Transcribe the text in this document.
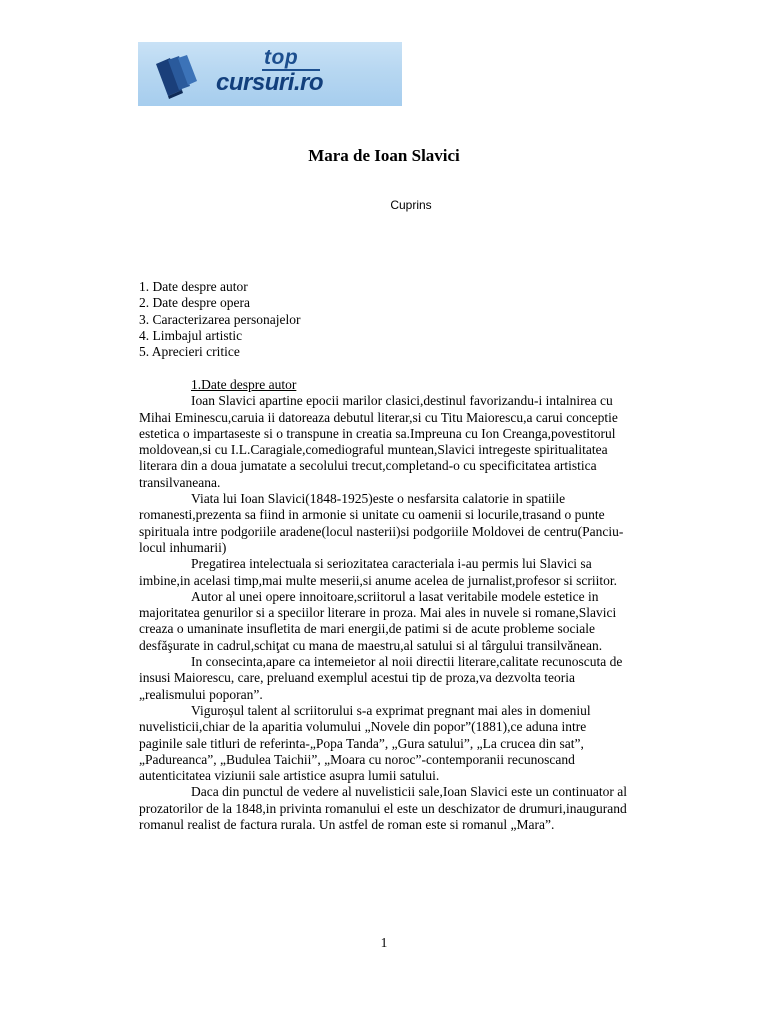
top
cursuri.ro
Mara de Ioan Slavici
Cuprins
1. Date despre autor
2. Date despre opera
3. Caracterizarea personajelor
4. Limbajul artistic
5. Aprecieri critice

1.Date despre autor

Ioan Slavici apartine epocii marilor clasici,destinul favorizandu-i intalnirea cu Mihai Eminescu,caruia ii datoreaza debutul literar,si cu Titu Maiorescu,a carui conceptie estetica o impartaseste si o transpune in creatia sa.Impreuna cu Ion Creanga,povestitorul moldovean,si cu I.L.Caragiale,comediograful muntean,Slavici intregeste spiritualitatea literara din a doua jumatate a secolului trecut,completand-o cu specificitatea artistica transilvaneana.

Viata lui Ioan Slavici(1848-1925)este o nesfarsita calatorie in spatiile romanesti,prezenta sa fiind in armonie si unitate cu oamenii si locurile,trasand o punte spirituala intre podgoriile aradene(locul nasterii)si podgoriile Moldovei de centru(Panciu-locul inhumarii)

Pregatirea intelectuala si seriozitatea caracteriala i-au permis lui Slavici sa imbine,in acelasi timp,mai multe meserii,si anume acelea de jurnalist,profesor si scriitor.

Autor al unei opere innoitoare,scriitorul a lasat veritabile modele estetice in majoritatea genurilor si a speciilor literare in proza. Mai ales in nuvele si romane,Slavici creaza o umaninate insufletita de mari energii,de patimi si de acute probleme sociale desfăşurate in cadrul,schiţat cu mana de maestru,al satului si al târgului transilvănean.

In consecinta,apare ca intemeietor al noii directii literare,calitate recunoscuta de insusi Maiorescu, care, preluand exemplul acestui tip de proza,va dezvolta teoria „realismului poporan”.

Viguroșul talent al scriitorului s-a exprimat pregnant mai ales in domeniul nuvelisticii,chiar de la aparitia volumului „Novele din popor”(1881),ce aduna intre paginile sale titluri de referinta-„Popa Tanda”, „Gura satului”, „La crucea din sat”, „Padureanca”, „Budulea Taichii”, „Moara cu noroc”-contemporanii recunoscand autenticitatea viziunii sale artistice asupra lumii satului.

Daca din punctul de vedere al nuvelisticii sale,Ioan Slavici este un continuator al prozatorilor de la 1848,in privinta romanului el este un deschizator de drumuri,inaugurand romanul realist de factura rurala. Un astfel de roman este si romanul „Mara”.

1
